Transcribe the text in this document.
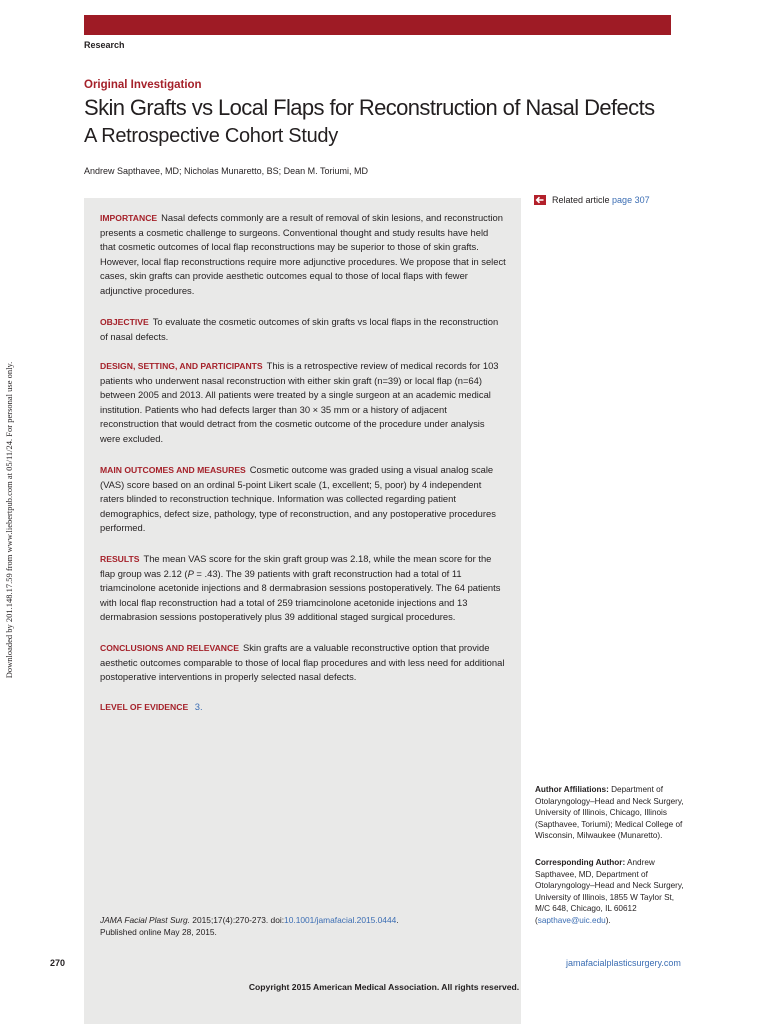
Research
Original Investigation
Skin Grafts vs Local Flaps for Reconstruction of Nasal Defects
A Retrospective Cohort Study
Andrew Sapthavee, MD; Nicholas Munaretto, BS; Dean M. Toriumi, MD
Downloaded by 201.148.17.59 from www.liebertpub.com at 05/11/24. For personal use only.
Related article page 307
IMPORTANCE Nasal defects commonly are a result of removal of skin lesions, and reconstruction presents a cosmetic challenge to surgeons. Conventional thought and study results have held that cosmetic outcomes of local flap reconstructions may be superior to those of skin grafts. However, local flap reconstructions require more adjunctive procedures. We propose that in select cases, skin grafts can provide aesthetic outcomes equal to those of local flaps with fewer adjunctive procedures.
OBJECTIVE To evaluate the cosmetic outcomes of skin grafts vs local flaps in the reconstruction of nasal defects.
DESIGN, SETTING, AND PARTICIPANTS This is a retrospective review of medical records for 103 patients who underwent nasal reconstruction with either skin graft (n=39) or local flap (n=64) between 2005 and 2013. All patients were treated by a single surgeon at an academic medical institution. Patients who had defects larger than 30 × 35 mm or a history of adjacent reconstruction that would detract from the cosmetic outcome of the procedure under analysis were excluded.
MAIN OUTCOMES AND MEASURES Cosmetic outcome was graded using a visual analog scale (VAS) score based on an ordinal 5-point Likert scale (1, excellent; 5, poor) by 4 independent raters blinded to reconstruction technique. Information was collected regarding patient demographics, defect size, pathology, type of reconstruction, and any postoperative procedures performed.
RESULTS The mean VAS score for the skin graft group was 2.18, while the mean score for the flap group was 2.12 (P = .43). The 39 patients with graft reconstruction had a total of 11 triamcinolone acetonide injections and 8 dermabrasion sessions postoperatively. The 64 patients with local flap reconstruction had a total of 259 triamcinolone acetonide injections and 13 dermabrasion sessions postoperatively plus 39 additional staged surgical procedures.
CONCLUSIONS AND RELEVANCE Skin grafts are a valuable reconstructive option that provide aesthetic outcomes comparable to those of local flap procedures and with less need for additional postoperative interventions in properly selected nasal defects.
LEVEL OF EVIDENCE 3.
JAMA Facial Plast Surg. 2015;17(4):270-273. doi:10.1001/jamafacial.2015.0444.
Published online May 28, 2015.
Author Affiliations: Department of Otolaryngology–Head and Neck Surgery, University of Illinois, Chicago, Illinois (Sapthavee, Toriumi); Medical College of Wisconsin, Milwaukee (Munaretto).
Corresponding Author: Andrew Sapthavee, MD, Department of Otolaryngology–Head and Neck Surgery, University of Illinois, 1855 W Taylor St, M/C 648, Chicago, IL 60612 (sapthave@uic.edu).
270	jamafacialplasticsurgery.com
Copyright 2015 American Medical Association. All rights reserved.
